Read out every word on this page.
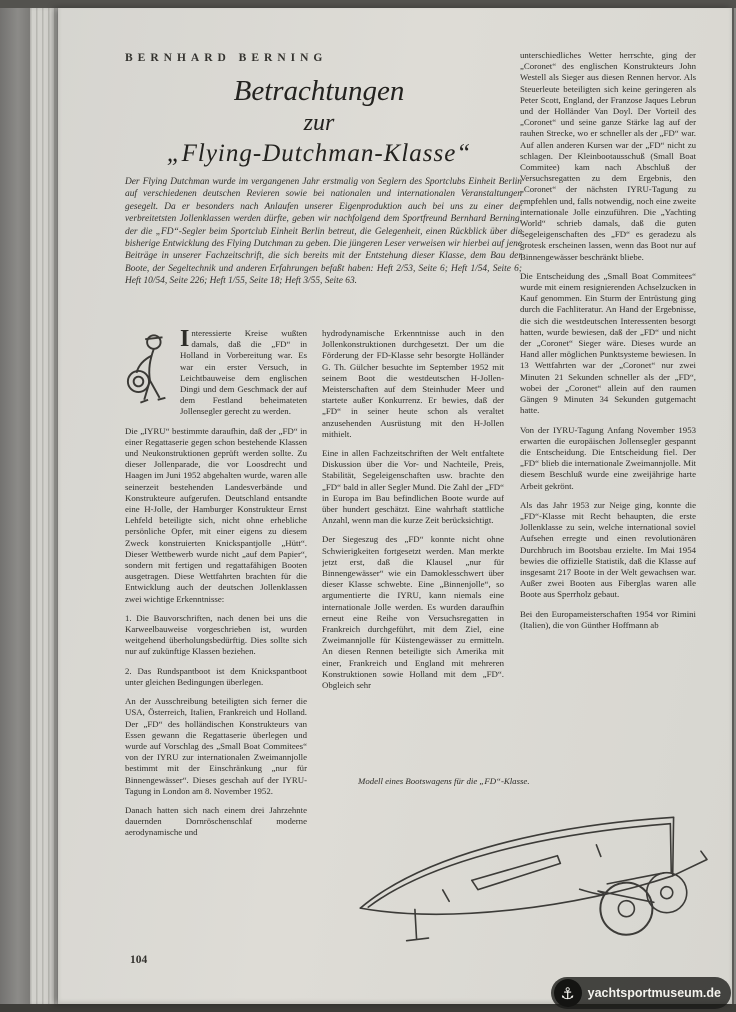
BERNHARD BERNING
Betrachtungen
zur
„Flying-Dutchman-Klasse“
Der Flying Dutchman wurde im vergangenen Jahr erstmalig von Seglern des Sportclubs Einheit Berlin auf verschiedenen deutschen Revieren sowie bei nationalen und internationalen Veranstaltungen gesegelt. Da er besonders nach Anlaufen unserer Eigenproduktion auch bei uns zu einer der verbreitetsten Jollenklassen werden dürfte, geben wir nachfolgend dem Sportfreund Bernhard Berning, der die „FD“-Segler beim Sportclub Einheit Berlin betreut, die Gelegenheit, einen Rückblick über die bisherige Entwicklung des Flying Dutchman zu geben. Die jüngeren Leser verweisen wir hierbei auf jene Beiträge in unserer Fachzeitschrift, die sich bereits mit der Entstehung dieser Klasse, dem Bau der Boote, der Segeltechnik und anderen Erfahrungen befaßt haben: Heft 2/53, Seite 6; Heft 1/54, Seite 6; Heft 10/54, Seite 226; Heft 1/55, Seite 18; Heft 3/55, Seite 63.

Interessierte Kreise wußten damals, daß die „FD“ in Holland in Vorbereitung war. Es war ein erster Versuch, in Leichtbauweise dem englischen Dingi und dem Geschmack der auf dem Festland beheimateten Jollensegler gerecht zu werden.

Die „IYRU“ bestimmte daraufhin, daß der „FD“ in einer Regattaserie gegen schon bestehende Klassen und Neukonstruktionen geprüft werden sollte. Zu dieser Jollenparade, die vor Loosdrecht und Haagen im Juni 1952 abgehalten wurde, waren alle seinerzeit bestehenden Landesverbände und Konstrukteure aufgerufen. Deutschland entsandte eine H-Jolle, der Hamburger Konstrukteur Ernst Lehfeld beteiligte sich, nicht ohne erhebliche persönliche Opfer, mit einer eigens zu diesem Zweck konstruierten Knickspantjolle „Hütt“. Dieser Wettbewerb wurde nicht „auf dem Papier“, sondern mit fertigen und regattafähigen Booten ausgetragen. Diese Wettfahrten brachten für die Entwicklung auch der deutschen Jollenklassen zwei wichtige Erkenntnisse:

1. Die Bauvorschriften, nach denen bei uns die Karweelbauweise vorgeschrieben ist, wurden weitgehend überholungsbedürftig. Dies sollte sich nur auf zukünftige Klassen beziehen.

2. Das Rundspantboot ist dem Knickspantboot unter gleichen Bedingungen überlegen.

An der Ausschreibung beteiligten sich ferner die USA, Österreich, Italien, Frankreich und Holland. Der „FD“ des holländischen Konstrukteurs van Essen gewann die Regattaserie überlegen und wurde auf Vorschlag des „Small Boat Commitees“ von der IYRU zur internationalen Zweimannjolle bestimmt mit der Einschränkung „nur für Binnengewässer“. Dieses geschah auf der IYRU-Tagung in London am 8. November 1952.

Danach hatten sich nach einem drei Jahrzehnte dauernden Dornröschenschlaf moderne aerodynamische und

hydrodynamische Erkenntnisse auch in den Jollenkonstruktionen durchgesetzt. Der um die Förderung der FD-Klasse sehr besorgte Holländer G. Th. Gülcher besuchte im September 1952 mit seinem Boot die westdeutschen H-Jollen-Meisterschaften auf dem Steinhuder Meer und startete außer Konkurrenz. Er bewies, daß der „FD“ in seiner heute schon als veraltet anzusehenden Ausrüstung mit den H-Jollen mithielt.

Eine in allen Fachzeitschriften der Welt entfaltete Diskussion über die Vor- und Nachteile, Preis, Stabilität, Segeleigenschaften usw. brachte den „FD“ bald in aller Segler Mund. Die Zahl der „FD“ in Europa im Bau befindlichen Boote wurde auf über hundert geschätzt. Eine wahrhaft stattliche Anzahl, wenn man die kurze Zeit berücksichtigt.

Der Siegeszug des „FD“ konnte nicht ohne Schwierigkeiten fortgesetzt werden. Man merkte jetzt erst, daß die Klausel „nur für Binnengewässer“ wie ein Damoklesschwert über dieser Klasse schwebte. Eine „Binnenjolle“, so argumentierte die IYRU, kann niemals eine internationale Jolle werden. Es wurden daraufhin erneut eine Reihe von Versuchsregatten in Frankreich durchgeführt, mit dem Ziel, eine Zweimannjolle für Küstengewässer zu ermitteln. An diesen Rennen beteiligte sich Amerika mit einer, Frankreich und England mit mehreren Konstruktionen sowie Holland mit dem „FD“. Obgleich sehr

unterschiedliches Wetter herrschte, ging der „Coronet“ des englischen Konstrukteurs John Westell als Sieger aus diesen Rennen hervor. Als Steuerleute beteiligten sich keine geringeren als Peter Scott, England, der Franzose Jaques Lebrun und der Holländer Van Doyl. Der Vorteil des „Coronet“ und seine ganze Stärke lag auf der rauhen Strecke, wo er schneller als der „FD“ war. Auf allen anderen Kursen war der „FD“ nicht zu schlagen. Der Kleinbootausschuß (Small Boat Commitee) kam nach Abschluß der Versuchsregatten zu dem Ergebnis, den „Coronet“ der nächsten IYRU-Tagung zu empfehlen und, falls notwendig, noch eine zweite internationale Jolle einzuführen. Die „Yachting World“ schrieb damals, daß die guten Segeleigenschaften des „FD“ es geradezu als grotesk erscheinen lassen, wenn das Boot nur auf Binnengewässer beschränkt bliebe.

Die Entscheidung des „Small Boat Commitees“ wurde mit einem resignierenden Achselzucken in Kauf genommen. Ein Sturm der Entrüstung ging durch die Fachliteratur. An Hand der Ergebnisse, die sich die westdeutschen Interessenten besorgt hatten, wurde bewiesen, daß der „FD“ und nicht der „Coronet“ Sieger wäre. Dieses wurde an Hand aller möglichen Punktsysteme bewiesen. In 13 Wettfahrten war der „Coronet“ nur zwei Minuten 21 Sekunden schneller als der „FD“, wobei der „Coronet“ allein auf den raumen Gängen 9 Minuten 34 Sekunden gutgemacht hatte.

Von der IYRU-Tagung Anfang November 1953 erwarten die europäischen Jollensegler gespannt die Entscheidung. Die Entscheidung fiel. Der „FD“ blieb die internationale Zweimannjolle. Mit diesem Beschluß wurde eine zweijährige harte Arbeit gekrönt.

Als das Jahr 1953 zur Neige ging, konnte die „FD“-Klasse mit Recht behaupten, die erste Jollenklasse zu sein, welche international soviel Aufsehen erregte und einen revolutionären Durchbruch im Bootsbau erzielte. Im Mai 1954 bewies die offizielle Statistik, daß die Klasse auf insgesamt 217 Boote in der Welt gewachsen war. Außer zwei Booten aus Fiberglas waren alle Boote aus Sperrholz gebaut.

Bei den Europameisterschaften 1954 vor Rimini (Italien), die von Günther Hoffmann ab

Modell eines Bootswagens für die „FD“-Klasse.
104
⚓	yachtsportmuseum.de
